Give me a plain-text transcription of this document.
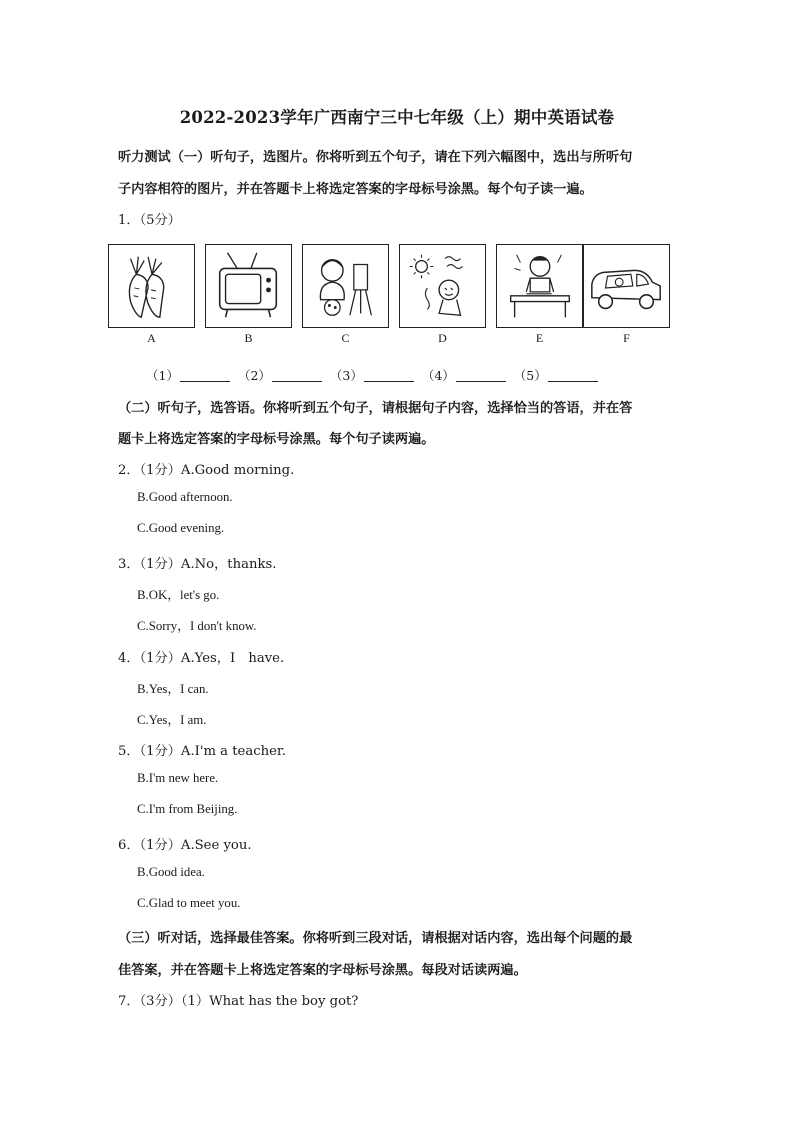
2022-2023学年广西南宁三中七年级（上）期中英语试卷
听力测试（一）听句子，选图片。你将听到五个句子，请在下列六幅图中，选出与所听句
子内容相符的图片，并在答题卡上将选定答案的字母标号涂黑。每个句子读一遍。
1．（5分）
A	B	C	D	E	F
（1）	（2）	（3）	（4）	（5）
（二）听句子，选答语。你将听到五个句子，请根据句子内容，选择恰当的答语，并在答
题卡上将选定答案的字母标号涂黑。每个句子读两遍。
2．（1分）A.Good morning.
B.Good afternoon.
C.Good evening.
3．（1分）A.No，thanks.
B.OK，let's go.
C.Sorry，I don't know.
4．（1分）A.Yes，I　have.
B.Yes，I can.
C.Yes，I am.
5．（1分）A.I'm a teacher.
B.I'm new here.
C.I'm from Beijing.
6．（1分）A.See you.
B.Good idea.
C.Glad to meet you.
（三）听对话，选择最佳答案。你将听到三段对话，请根据对话内容，选出每个问题的最
佳答案，并在答题卡上将选定答案的字母标号涂黑。每段对话读两遍。
7．（3分）（1）What has the boy got?
